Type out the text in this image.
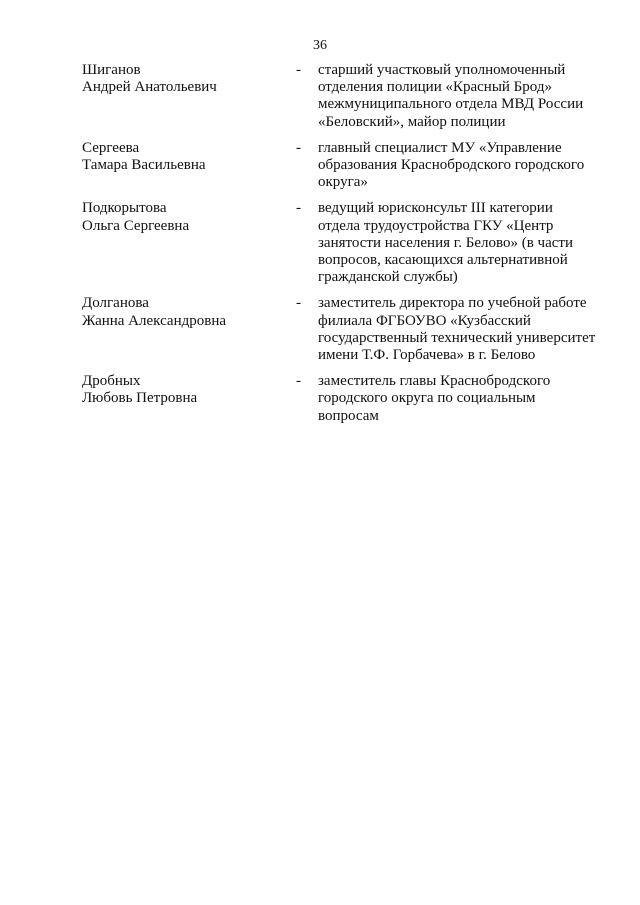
36
Шиганов
Андрей Анатольевич
-	старший участковый уполномоченный
отделения полиции «Красный Брод»
межмуниципального отдела МВД России
«Беловский», майор полиции
Сергеева
Тамара Васильевна
-	главный специалист МУ «Управление
образования Краснобродского городского
округа»
Подкорытова
Ольга Сергеевна
-	ведущий юрисконсульт III категории
отдела трудоустройства ГКУ «Центр
занятости населения г. Белово» (в части
вопросов, касающихся альтернативной
гражданской службы)
Долганова
Жанна Александровна
-	заместитель директора по учебной работе
филиала ФГБОУВО «Кузбасский
государственный технический университет
имени Т.Ф. Горбачева» в г. Белово
Дробных
Любовь Петровна
-	заместитель главы Краснобродского
городского округа по социальным
вопросам
